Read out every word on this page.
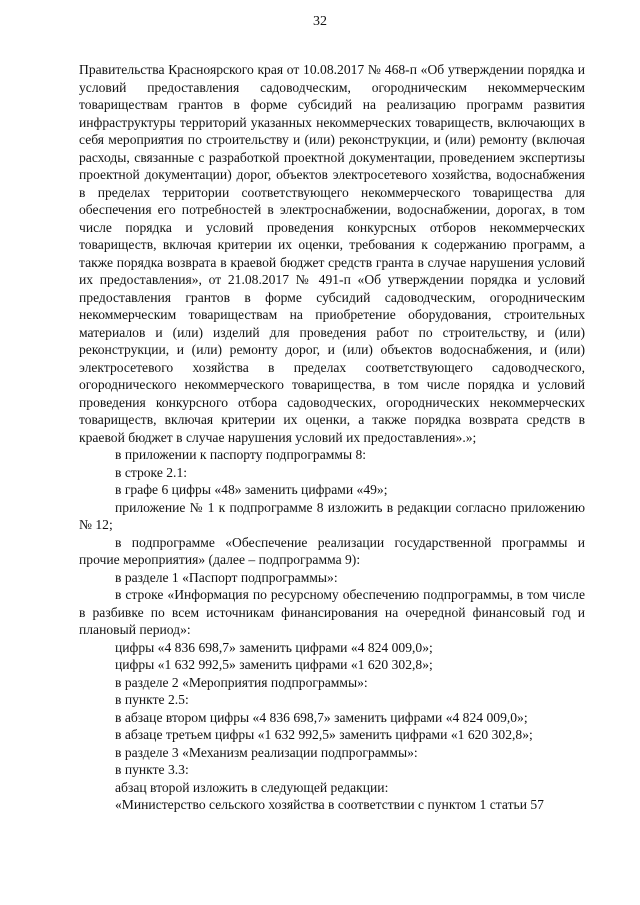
32

Правительства Красноярского края от 10.08.2017 № 468-п «Об утверждении порядка и условий предоставления садоводческим, огородническим некоммерческим товариществам грантов в форме субсидий на реализацию программ развития инфраструктуры территорий указанных некоммерческих товариществ, включающих в себя мероприятия по строительству и (или) реконструкции, и (или) ремонту (включая расходы, связанные с разработкой проектной документации, проведением экспертизы проектной документации) дорог, объектов электросетевого хозяйства, водоснабжения в пределах территории соответствующего некоммерческого товарищества для обеспечения его потребностей в электроснабжении, водоснабжении, дорогах, в том числе порядка и условий проведения конкурсных отборов некоммерческих товариществ, включая критерии их оценки, требования к содержанию программ, а также порядка возврата в краевой бюджет средств гранта в случае нарушения условий их предоставления», от 21.08.2017 № 491-п «Об утверждении порядка и условий предоставления грантов в форме субсидий садоводческим, огородническим некоммерческим товариществам на приобретение оборудования, строительных материалов и (или) изделий для проведения работ по строительству, и (или) реконструкции, и (или) ремонту дорог, и (или) объектов водоснабжения, и (или) электросетевого хозяйства в пределах соответствующего садоводческого, огороднического некоммерческого товарищества, в том числе порядка и условий проведения конкурсного отбора садоводческих, огороднических некоммерческих товариществ, включая критерии их оценки, а также порядка возврата средств в краевой бюджет в случае нарушения условий их предоставления».»;

в приложении к паспорту подпрограммы 8:

в строке 2.1:

в графе 6 цифры «48» заменить цифрами «49»;

приложение № 1 к подпрограмме 8 изложить в редакции согласно приложению № 12;

в подпрограмме «Обеспечение реализации государственной программы и прочие мероприятия» (далее – подпрограмма 9):

в разделе 1 «Паспорт подпрограммы»:

в строке «Информация по ресурсному обеспечению подпрограммы, в том числе в разбивке по всем источникам финансирования на очередной финансовый год и плановый период»:

цифры «4 836 698,7» заменить цифрами «4 824 009,0»;

цифры «1 632 992,5» заменить цифрами «1 620 302,8»;

в разделе 2 «Мероприятия подпрограммы»:

в пункте 2.5:

в абзаце втором цифры «4 836 698,7» заменить цифрами «4 824 009,0»;

в абзаце третьем цифры «1 632 992,5» заменить цифрами «1 620 302,8»;

в разделе 3 «Механизм реализации подпрограммы»:

в пункте 3.3:

абзац второй изложить в следующей редакции:

«Министерство сельского хозяйства в соответствии с пунктом 1 статьи 57
